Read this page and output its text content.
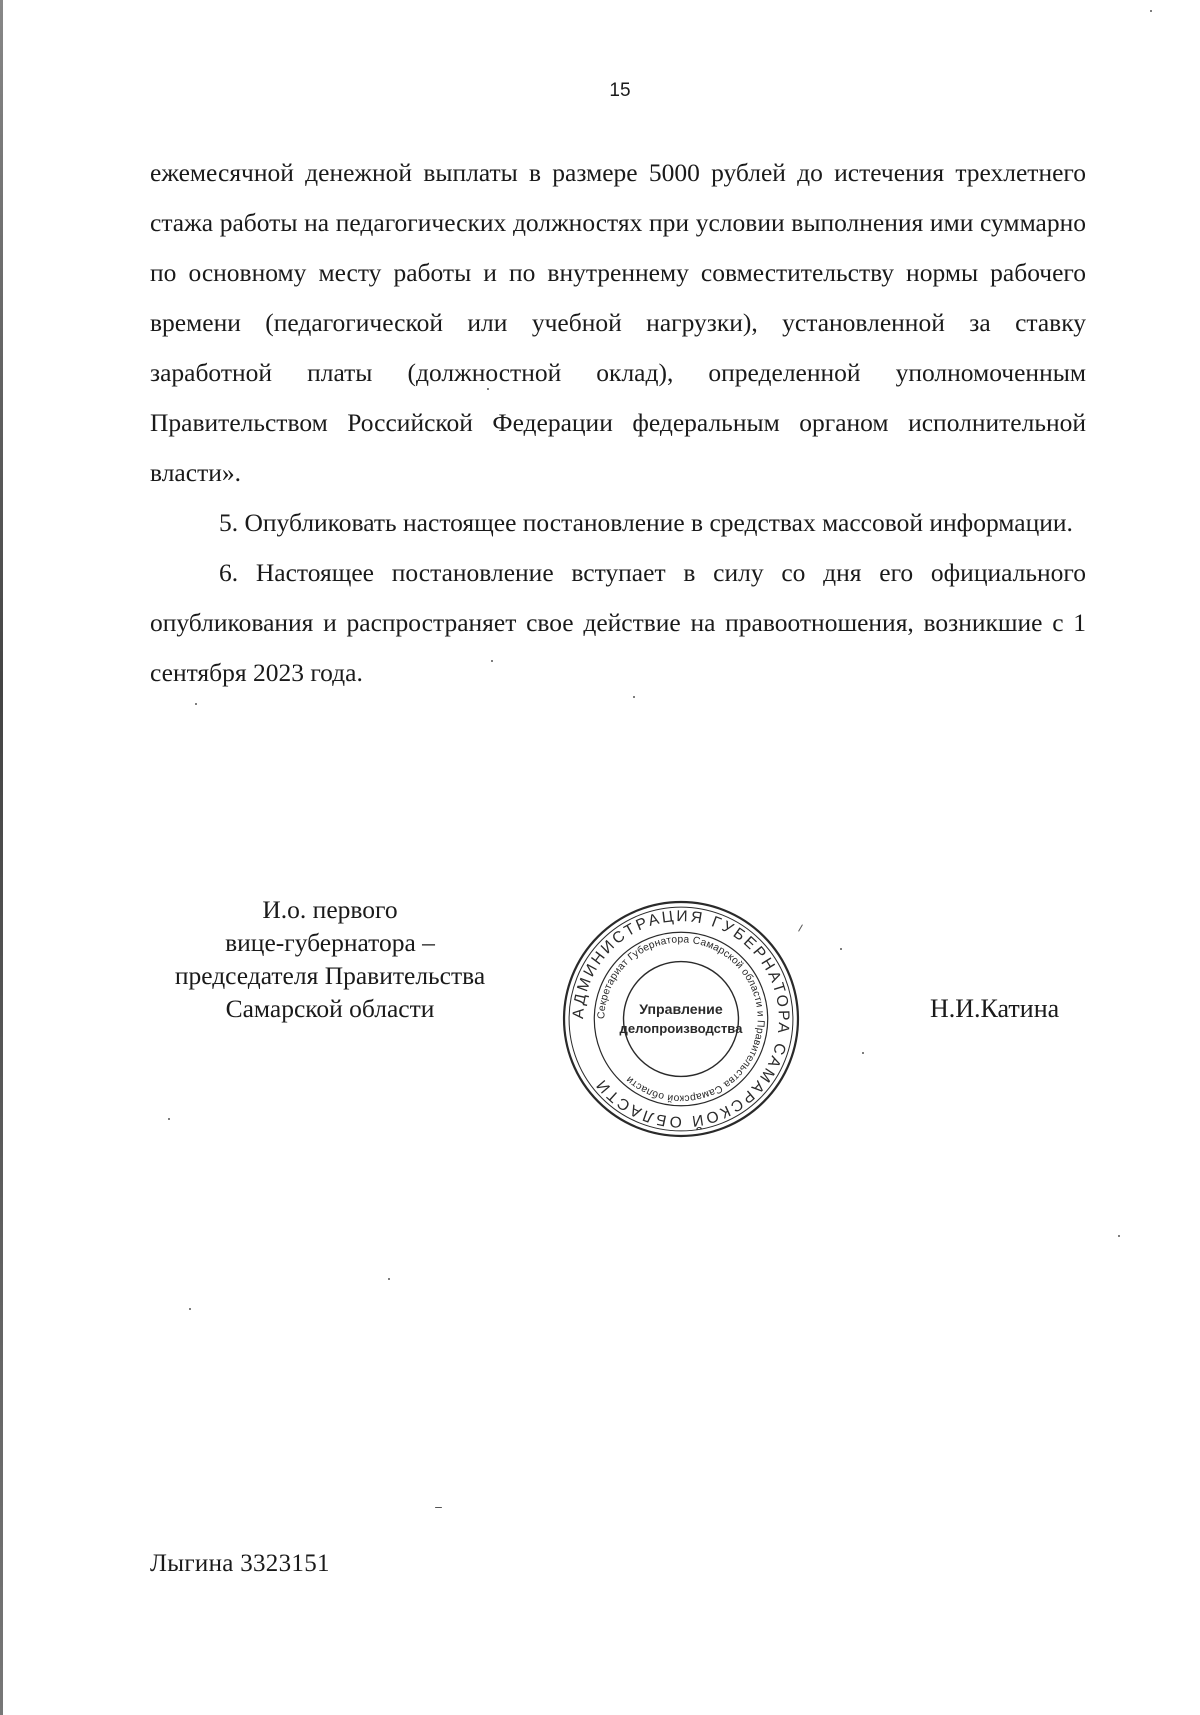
15

ежемесячной денежной выплаты в размере 5000 рублей до истечения трехлетнего стажа работы на педагогических должностях при условии выполнения ими суммарно по основному месту работы и по внутреннему совместительству нормы рабочего времени (педагогической или учебной нагрузки), установленной за ставку заработной платы (должностной оклад), определенной уполномоченным Правительством Российской Федерации федеральным органом исполнительной власти».

5. Опубликовать настоящее постановление в средствах массовой информации.

6. Настоящее постановление вступает в силу со дня его официального опубликования и распространяет свое действие на правоотношения, возникшие с 1 сентября 2023 года.

И.о. первого
вице-губернатора –
председателя Правительства
Самарской области	АДМИНИСТРАЦИЯ ГУБЕРНАТОРА САМАРСКОЙ ОБЛАСТИ
Секретариат Губернатора Самарской области и Правительства Самарской области
Управление
делопроизводства
Н.И.Катина
Лыгина 3323151
